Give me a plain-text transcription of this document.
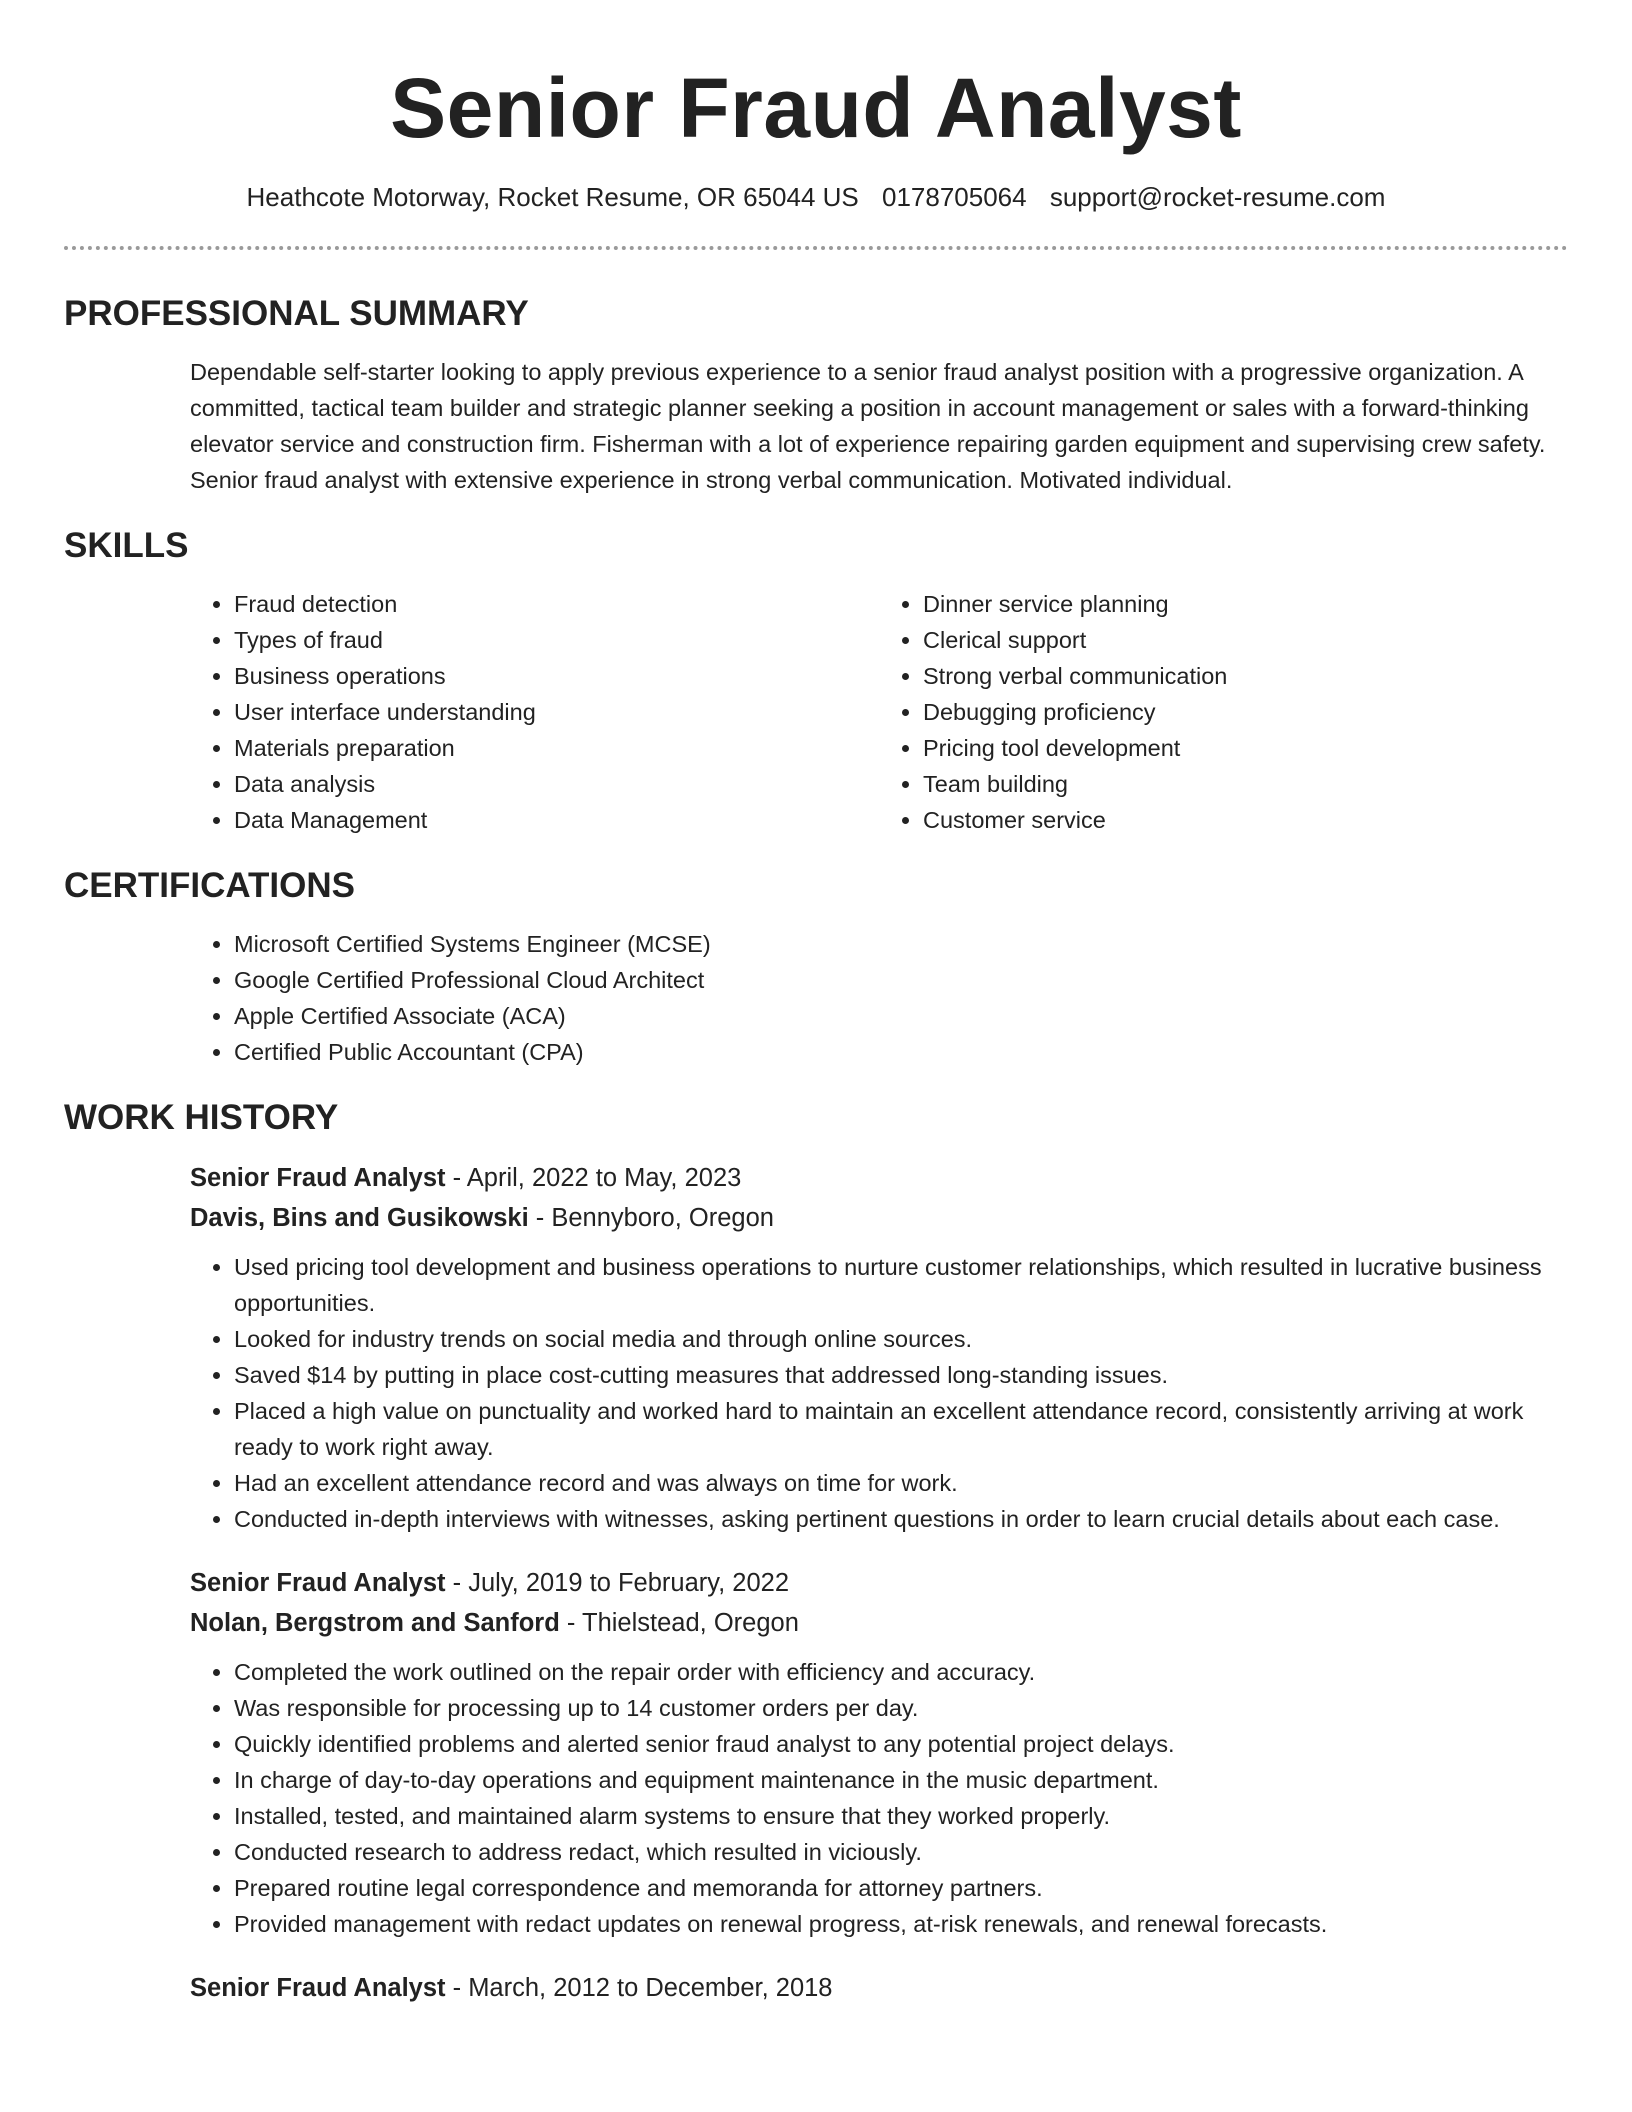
Senior Fraud Analyst
Heathcote Motorway, Rocket Resume, OR 65044 US 0178705064 support@rocket-resume.com
PROFESSIONAL SUMMARY
Dependable self-starter looking to apply previous experience to a senior fraud analyst position with a progressive organization. A committed, tactical team builder and strategic planner seeking a position in account management or sales with a forward-thinking elevator service and construction firm. Fisherman with a lot of experience repairing garden equipment and supervising crew safety. Senior fraud analyst with extensive experience in strong verbal communication. Motivated individual.
SKILLS
• Fraud detection
• Types of fraud
• Business operations
• User interface understanding
• Materials preparation
• Data analysis
• Data Management
• Dinner service planning
• Clerical support
• Strong verbal communication
• Debugging proficiency
• Pricing tool development
• Team building
• Customer service
CERTIFICATIONS
• Microsoft Certified Systems Engineer (MCSE)
• Google Certified Professional Cloud Architect
• Apple Certified Associate (ACA)
• Certified Public Accountant (CPA)
WORK HISTORY
Senior Fraud Analyst - April, 2022 to May, 2023
Davis, Bins and Gusikowski - Bennyboro, Oregon
• Used pricing tool development and business operations to nurture customer relationships, which resulted in lucrative business opportunities.
• Looked for industry trends on social media and through online sources.
• Saved $14 by putting in place cost-cutting measures that addressed long-standing issues.
• Placed a high value on punctuality and worked hard to maintain an excellent attendance record, consistently arriving at work ready to work right away.
• Had an excellent attendance record and was always on time for work.
• Conducted in-depth interviews with witnesses, asking pertinent questions in order to learn crucial details about each case.
Senior Fraud Analyst - July, 2019 to February, 2022
Nolan, Bergstrom and Sanford - Thielstead, Oregon
• Completed the work outlined on the repair order with efficiency and accuracy.
• Was responsible for processing up to 14 customer orders per day.
• Quickly identified problems and alerted senior fraud analyst to any potential project delays.
• In charge of day-to-day operations and equipment maintenance in the music department.
• Installed, tested, and maintained alarm systems to ensure that they worked properly.
• Conducted research to address redact, which resulted in viciously.
• Prepared routine legal correspondence and memoranda for attorney partners.
• Provided management with redact updates on renewal progress, at-risk renewals, and renewal forecasts.
Senior Fraud Analyst - March, 2012 to December, 2018
